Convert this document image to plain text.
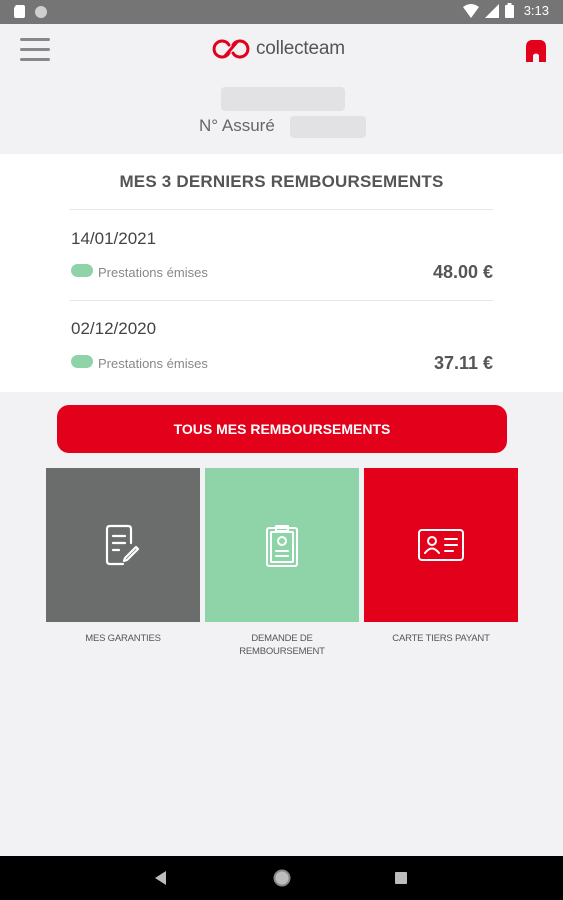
3:13
collecteam
N° Assuré
MES 3 DERNIERS REMBOURSEMENTS
14/01/2021
Prestations émises	48.00 €
02/12/2020
Prestations émises	37.11 €
TOUS MES REMBOURSEMENTS
MES GARANTIES	DEMANDE DE
REMBOURSEMENT
CARTE TIERS PAYANT
